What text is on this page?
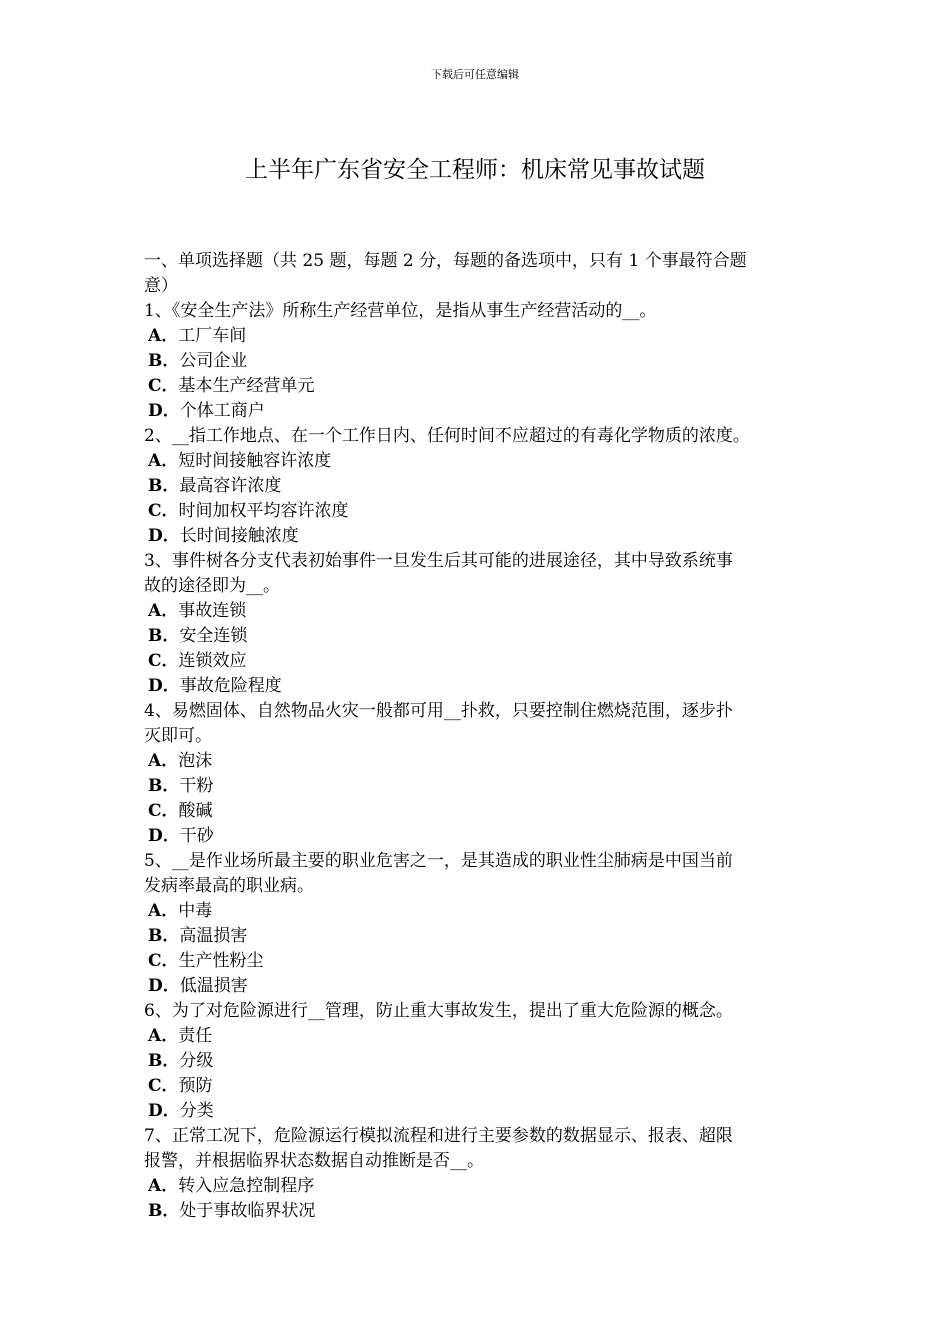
下载后可任意编辑
上半年广东省安全工程师：机床常见事故试题
一、单项选择题（共 25 题，每题 2 分，每题的备选项中，只有 1 个事最符合题
意）
1、《安全生产法》所称生产经营单位，是指从事生产经营活动的__。
A．工厂车间
B．公司企业
C．基本生产经营单元
D．个体工商户
2、__指工作地点、在一个工作日内、任何时间不应超过的有毒化学物质的浓度。
A．短时间接触容许浓度
B．最高容许浓度
C．时间加权平均容许浓度
D．长时间接触浓度
3、事件树各分支代表初始事件一旦发生后其可能的进展途径，其中导致系统事
故的途径即为__。
A．事故连锁
B．安全连锁
C．连锁效应
D．事故危险程度
4、易燃固体、自然物品火灾一般都可用__扑救，只要控制住燃烧范围，逐步扑
灭即可。
A．泡沫
B．干粉
C．酸碱
D．干砂
5、__是作业场所最主要的职业危害之一，是其造成的职业性尘肺病是中国当前
发病率最高的职业病。
A．中毒
B．高温损害
C．生产性粉尘
D．低温损害
6、为了对危险源进行__管理，防止重大事故发生，提出了重大危险源的概念。
A．责任
B．分级
C．预防
D．分类
7、正常工况下，危险源运行模拟流程和进行主要参数的数据显示、报表、超限
报警，并根据临界状态数据自动推断是否__。
A．转入应急控制程序
B．处于事故临界状况
